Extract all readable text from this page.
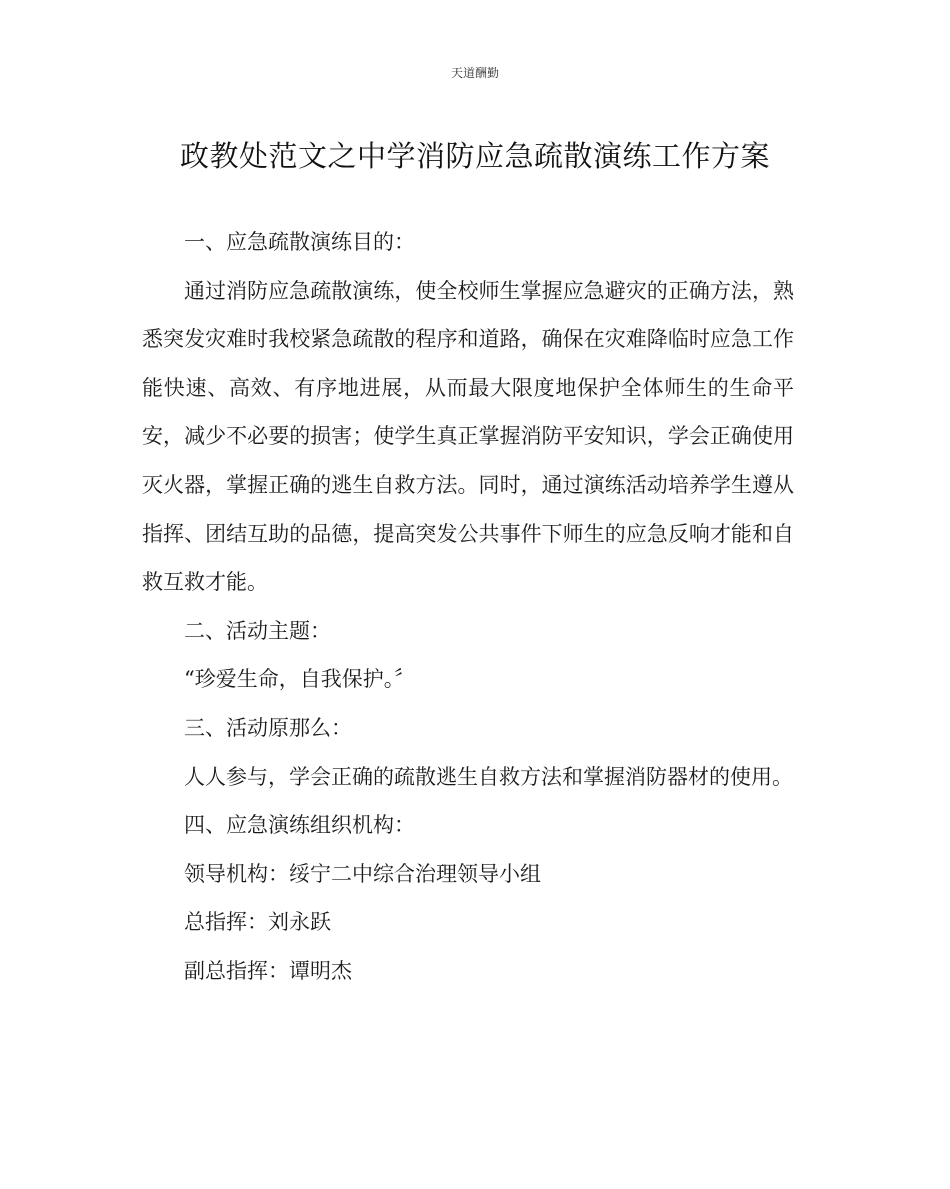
天道酬勤
政教处范文之中学消防应急疏散演练工作方案

一、应急疏散演练目的：

通过消防应急疏散演练，使全校师生掌握应急避灾的正确方法，熟悉突发灾难时我校紧急疏散的程序和道路，确保在灾难降临时应急工作能快速、高效、有序地进展，从而最大限度地保护全体师生的生命平安，减少不必要的损害；使学生真正掌握消防平安知识，学会正确使用灭火器，掌握正确的逃生自救方法。同时，通过演练活动培养学生遵从指挥、团结互助的品德，提高突发公共事件下师生的应急反响才能和自救互救才能。

二、活动主题：

“珍爱生命，自我保护。〞

三、活动原那么：

人人参与，学会正确的疏散逃生自救方法和掌握消防器材的使用。

四、应急演练组织机构：

领导机构：绥宁二中综合治理领导小组

总指挥：刘永跃

副总指挥：谭明杰
